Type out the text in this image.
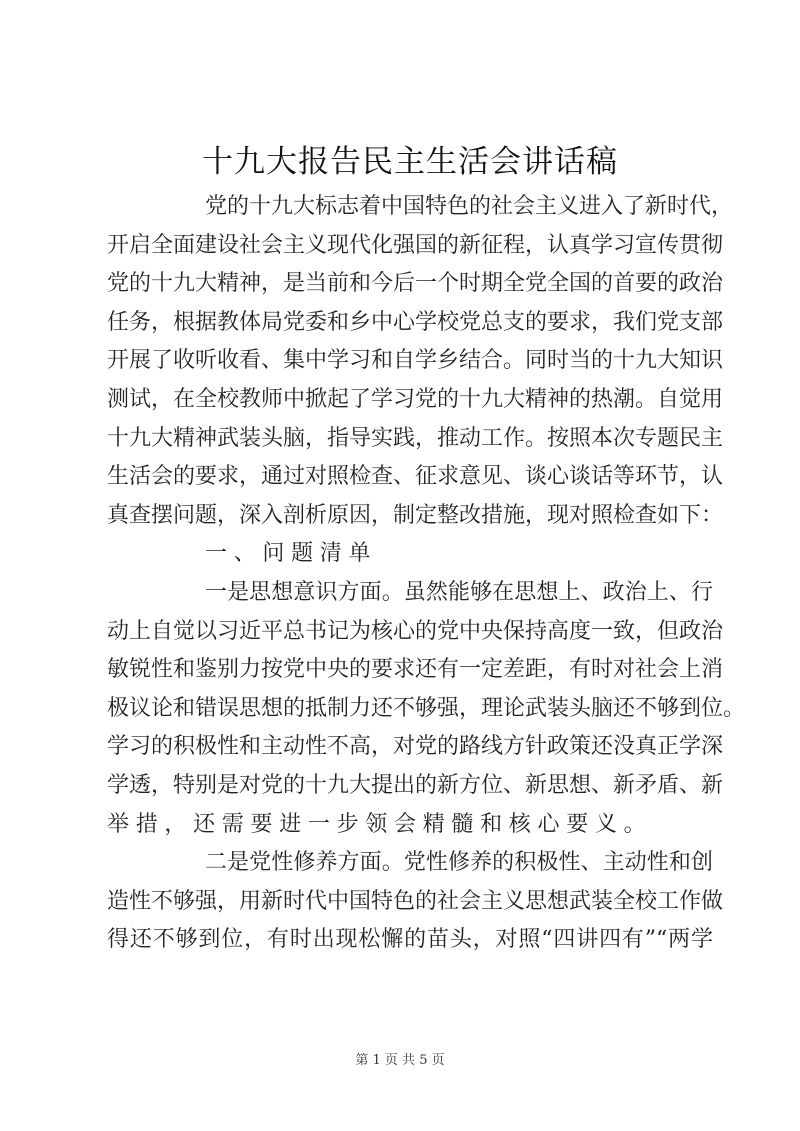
十九大报告民主生活会讲话稿
党的十九大标志着中国特色的社会主义进入了新时代，
开启全面建设社会主义现代化强国的新征程，认真学习宣传贯彻
党的十九大精神，是当前和今后一个时期全党全国的首要的政治
任务，根据教体局党委和乡中心学校党总支的要求，我们党支部
开展了收听收看、集中学习和自学乡结合。同时当的十九大知识
测试，在全校教师中掀起了学习党的十九大精神的热潮。自觉用
十九大精神武装头脑，指导实践，推动工作。按照本次专题民主
生活会的要求，通过对照检查、征求意见、谈心谈话等环节，认
真查摆问题，深入剖析原因，制定整改措施，现对照检查如下：
一、问题清单
一是思想意识方面。虽然能够在思想上、政治上、行
动上自觉以习近平总书记为核心的党中央保持高度一致，但政治
敏锐性和鉴别力按党中央的要求还有一定差距，有时对社会上消
极议论和错误思想的抵制力还不够强，理论武装头脑还不够到位。
学习的积极性和主动性不高，对党的路线方针政策还没真正学深
学透，特别是对党的十九大提出的新方位、新思想、新矛盾、新
举措，还需要进一步领会精髓和核心要义。
二是党性修养方面。党性修养的积极性、主动性和创
造性不够强，用新时代中国特色的社会主义思想武装全校工作做
得还不够到位，有时出现松懈的苗头，对照“四讲四有”“两学
第 1 页 共 5 页
